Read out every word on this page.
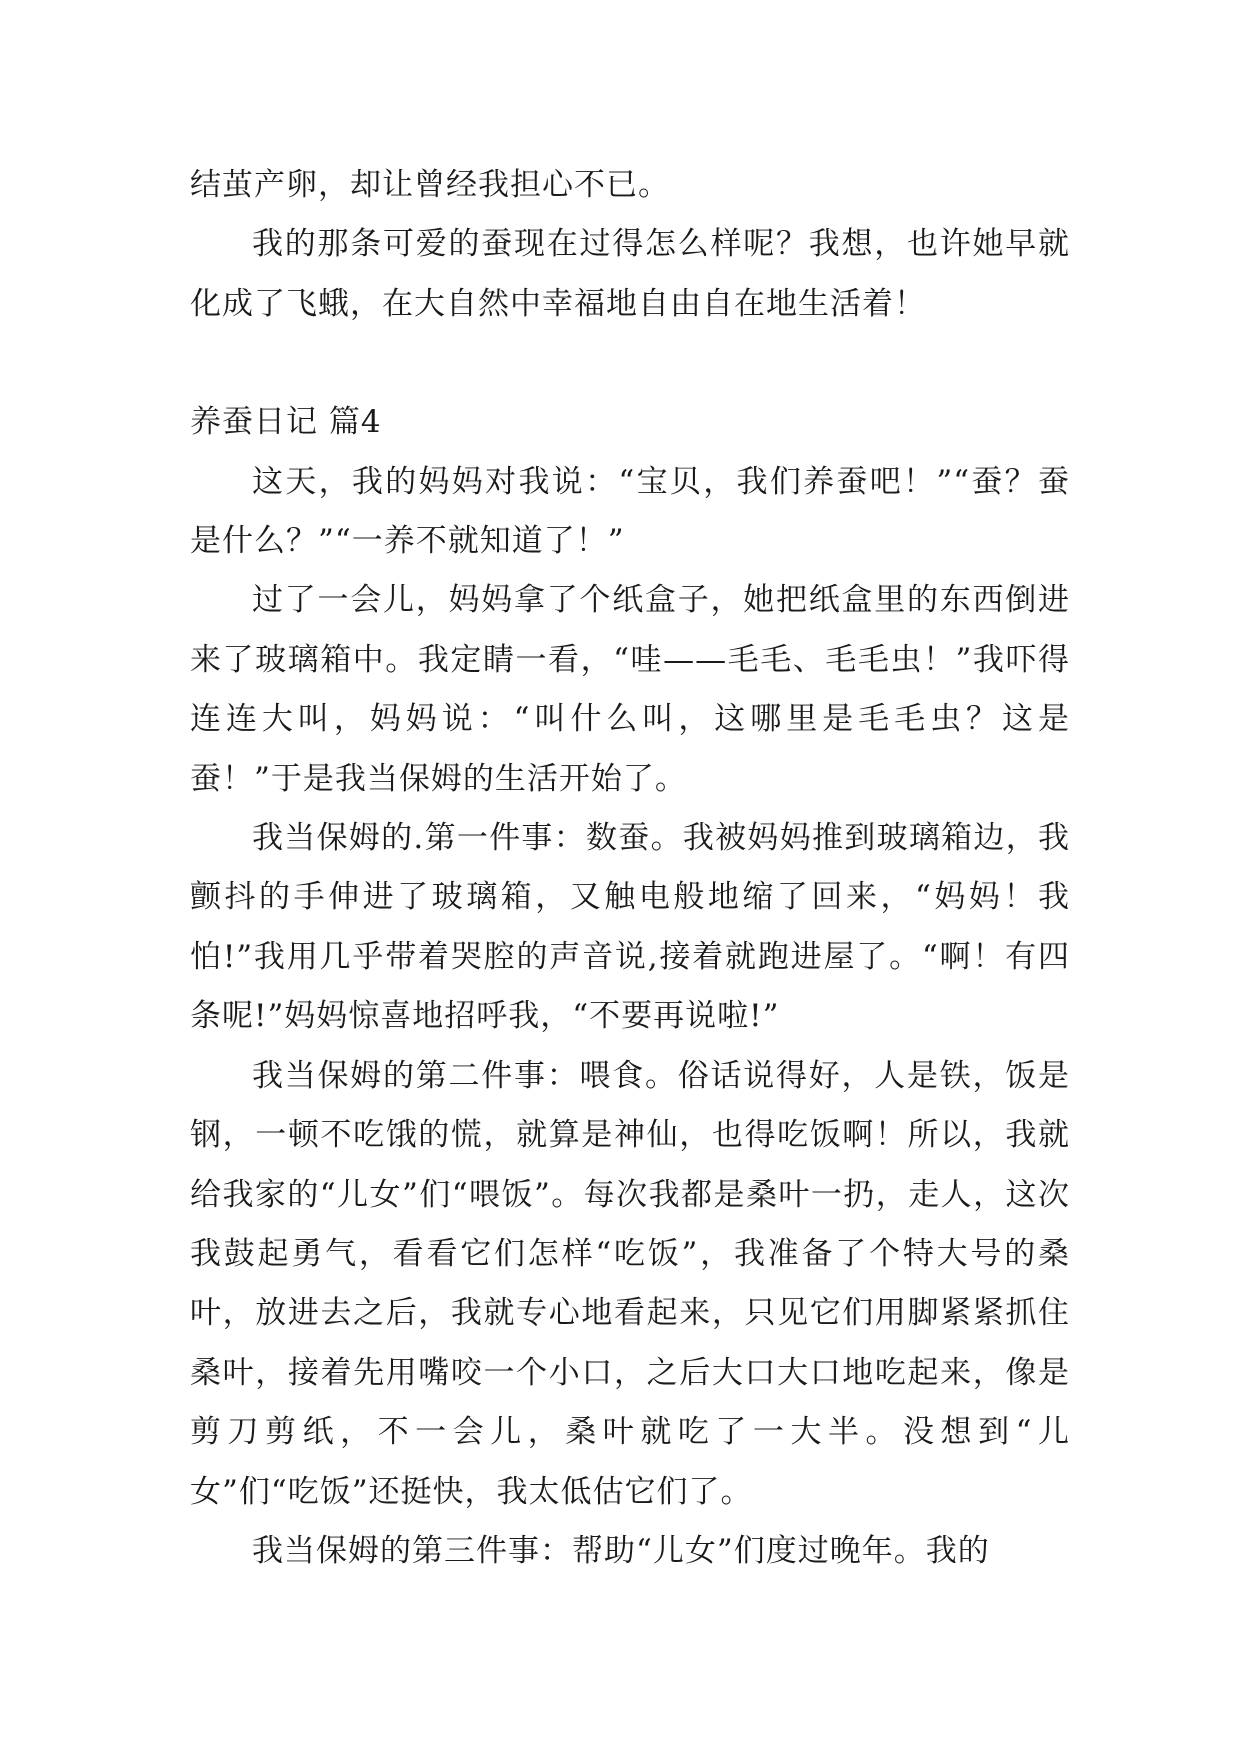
结茧产卵，却让曾经我担心不已。

我的那条可爱的蚕现在过得怎么样呢？我想，也许她早就化成了飞蛾，在大自然中幸福地自由自在地生活着！

养蚕日记 篇4

这天，我的妈妈对我说：“宝贝，我们养蚕吧！”“蚕？蚕是什么？”“一养不就知道了！”

过了一会儿，妈妈拿了个纸盒子，她把纸盒里的东西倒进来了玻璃箱中。我定睛一看，“哇——毛毛、毛毛虫！”我吓得连连大叫，妈妈说：“叫什么叫，这哪里是毛毛虫？这是蚕！”于是我当保姆的生活开始了。

我当保姆的.第一件事：数蚕。我被妈妈推到玻璃箱边，我颤抖的手伸进了玻璃箱，又触电般地缩了回来，“妈妈！我怕!”我用几乎带着哭腔的声音说,接着就跑进屋了。“啊！有四条呢!”妈妈惊喜地招呼我，“不要再说啦!”

我当保姆的第二件事：喂食。俗话说得好，人是铁，饭是钢，一顿不吃饿的慌，就算是神仙，也得吃饭啊！所以，我就给我家的“儿女”们“喂饭”。每次我都是桑叶一扔，走人，这次我鼓起勇气，看看它们怎样“吃饭”，我准备了个特大号的桑叶，放进去之后，我就专心地看起来，只见它们用脚紧紧抓住桑叶，接着先用嘴咬一个小口，之后大口大口地吃起来，像是剪刀剪纸，不一会儿，桑叶就吃了一大半。没想到“儿女”们“吃饭”还挺快，我太低估它们了。

我当保姆的第三件事：帮助“儿女”们度过晚年。我的
